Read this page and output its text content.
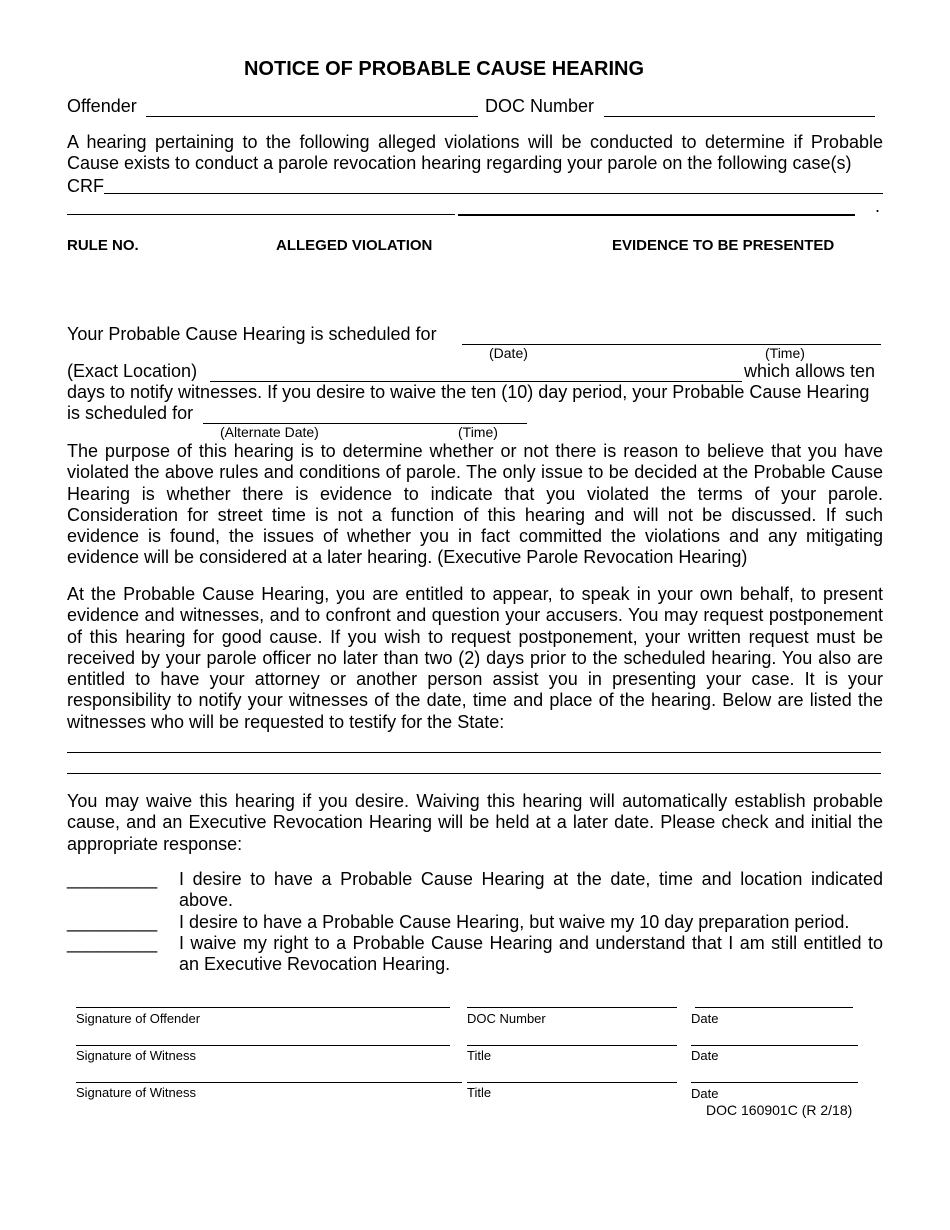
NOTICE OF PROBABLE CAUSE HEARING
Offender	DOC Number
A hearing pertaining to the following alleged violations will be conducted to determine if Probable Cause exists to conduct a parole revocation hearing regarding your parole on the following case(s)
CRF
.
RULE NO.	ALLEGED VIOLATION	EVIDENCE TO BE PRESENTED
Your Probable Cause Hearing is scheduled for
(Date)	(Time)
(Exact Location)	which allows ten
days to notify witnesses. If you desire to waive the ten (10) day period, your Probable Cause Hearing
is scheduled for
(Alternate Date)	(Time)
The purpose of this hearing is to determine whether or not there is reason to believe that you have violated the above rules and conditions of parole. The only issue to be decided at the Probable Cause Hearing is whether there is evidence to indicate that you violated the terms of your parole. Consideration for street time is not a function of this hearing and will not be discussed. If such evidence is found, the issues of whether you in fact committed the violations and any mitigating evidence will be considered at a later hearing. (Executive Parole Revocation Hearing)
At the Probable Cause Hearing, you are entitled to appear, to speak in your own behalf, to present evidence and witnesses, and to confront and question your accusers. You may request postponement of this hearing for good cause. If you wish to request postponement, your written request must be received by your parole officer no later than two (2) days prior to the scheduled hearing. You also are entitled to have your attorney or another person assist you in presenting your case. It is your responsibility to notify your witnesses of the date, time and place of the hearing. Below are listed the witnesses who will be requested to testify for the State:
You may waive this hearing if you desire. Waiving this hearing will automatically establish probable cause, and an Executive Revocation Hearing will be held at a later date. Please check and initial the appropriate response:
_________ I desire to have a Probable Cause Hearing at the date, time and location indicated above.
_________ I desire to have a Probable Cause Hearing, but waive my 10 day preparation period.
_________ I waive my right to a Probable Cause Hearing and understand that I am still entitled to an Executive Revocation Hearing.
Signature of Offender	DOC Number	Date
Signature of Witness	Title	Date
Signature of Witness	Title	Date
DOC 160901C (R 2/18)
